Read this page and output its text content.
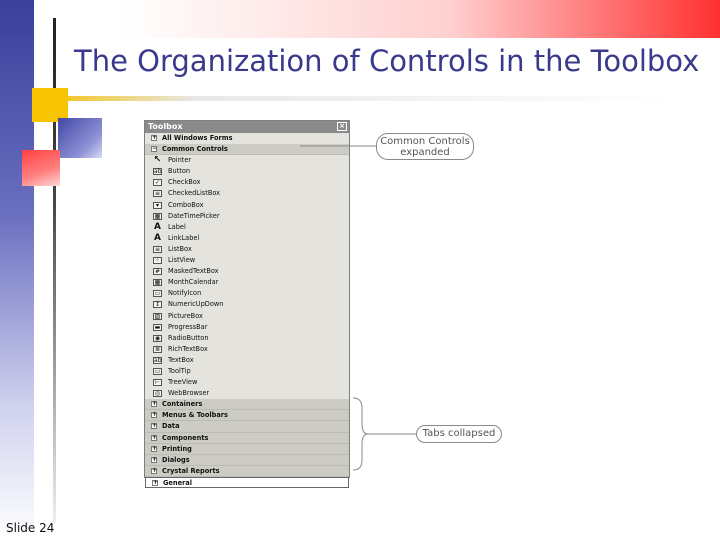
The Organization of Controls in the Toolbox
Slide 24
Toolbox	×
+ All Windows Forms
− Common Controls
↖ Pointer
ab Button
✓	CheckBox
≡	CheckedListBox
▾	ComboBox
▦ DateTimePicker
A Label
A LinkLabel
≡	ListBox
⁘	ListView
#	MaskedTextBox
▦ MonthCalendar
▭ NotifyIcon
↕	NumericUpDown
▨ PictureBox
▬ ProgressBar
◉ RadioButton
≣	RichTextBox
ab TextBox
▭ ToolTip
⊢ TreeView
◎ WebBrowser
+ Containers
+ Menus & Toolbars
+ Data
+ Components
+ Printing
+ Dialogs
+ Crystal Reports
+ General
Common Controls
expanded
Tabs collapsed
